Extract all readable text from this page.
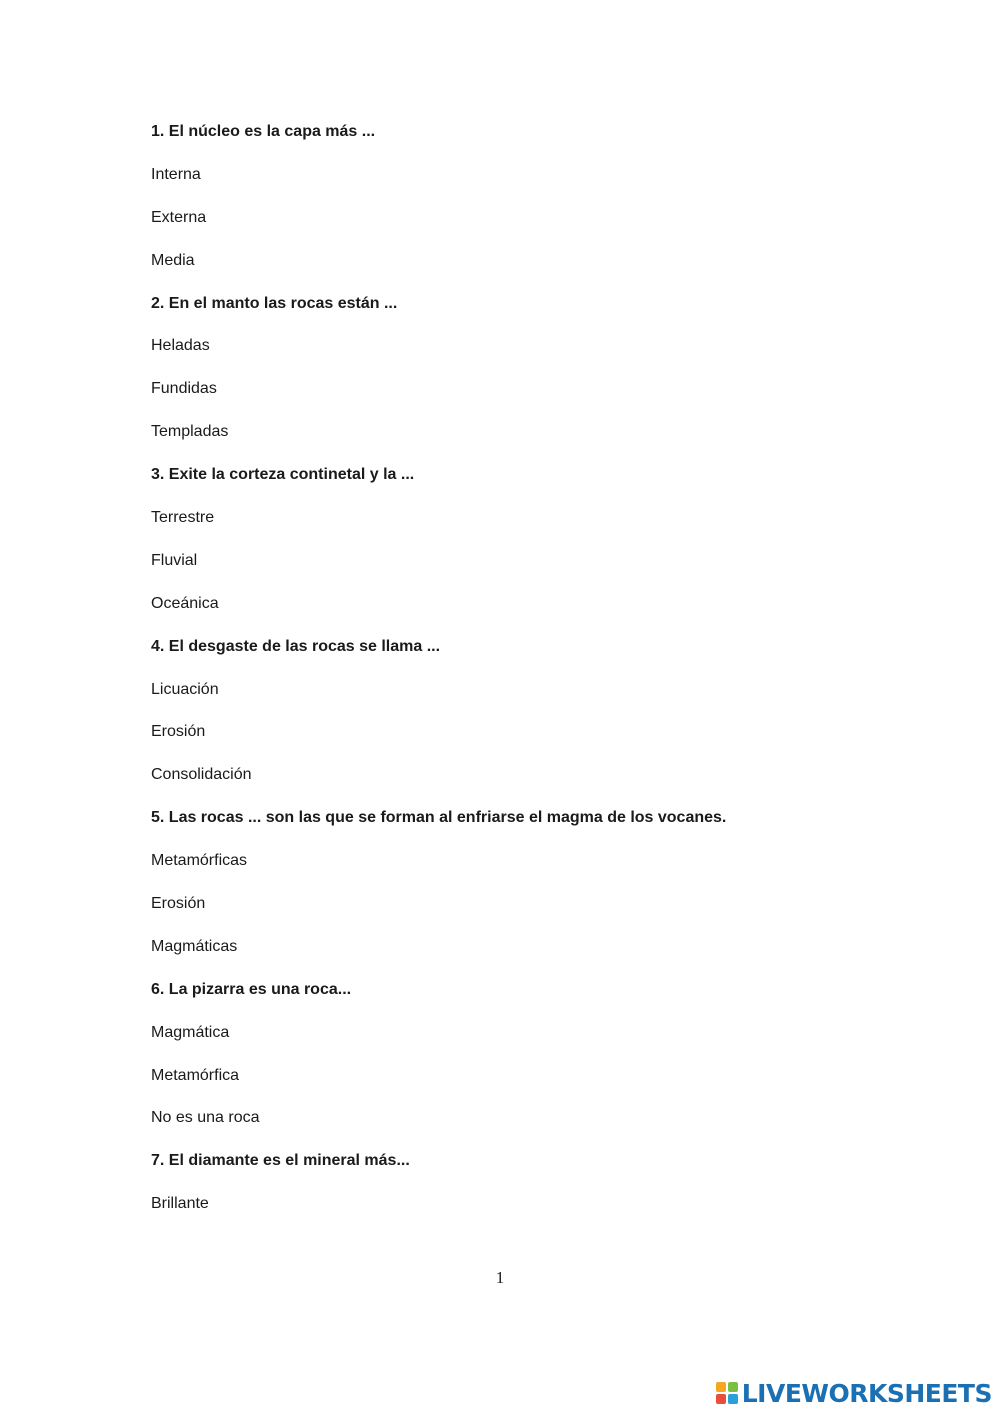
1. El núcleo es la capa más ...
Interna
Externa
Media
2. En el manto las rocas están ...
Heladas
Fundidas
Templadas
3. Exite la corteza continetal y la ...
Terrestre
Fluvial
Oceánica
4. El desgaste de las rocas se llama ...
Licuación
Erosión
Consolidación
5. Las rocas ... son las que se forman al enfriarse el magma de los vocanes.
Metamórficas
Erosión
Magmáticas
6. La pizarra es una roca...
Magmática
Metamórfica
No es una roca
7. El diamante es el mineral más...
Brillante
1
LIVEWORKSHEETS
